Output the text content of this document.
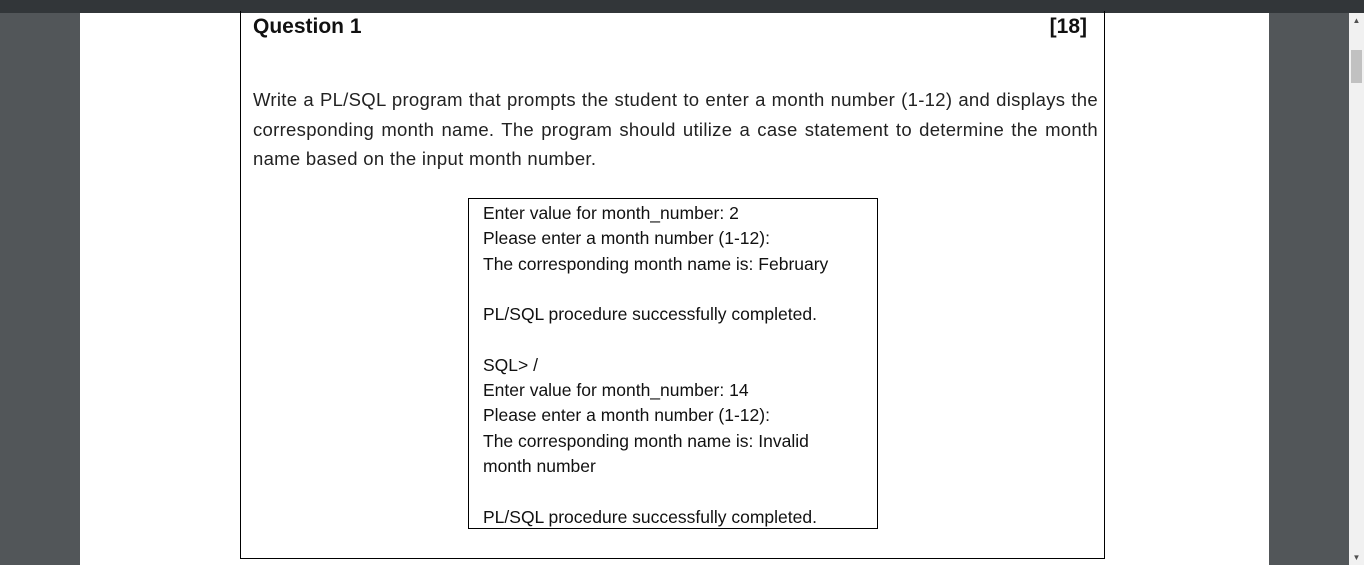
Question 1	[18]
Write a PL/SQL program that prompts the student to enter a month number (1-12) and displays the corresponding month name. The program should utilize a case statement to determine the month name based on the input month number.
Enter value for month_number: 2
Please enter a month number (1-12):
The corresponding month name is: February
PL/SQL procedure successfully completed.
SQL> /
Enter value for month_number: 14
Please enter a month number (1-12):
The corresponding month name is: Invalid
month number
PL/SQL procedure successfully completed.
▲
▼
